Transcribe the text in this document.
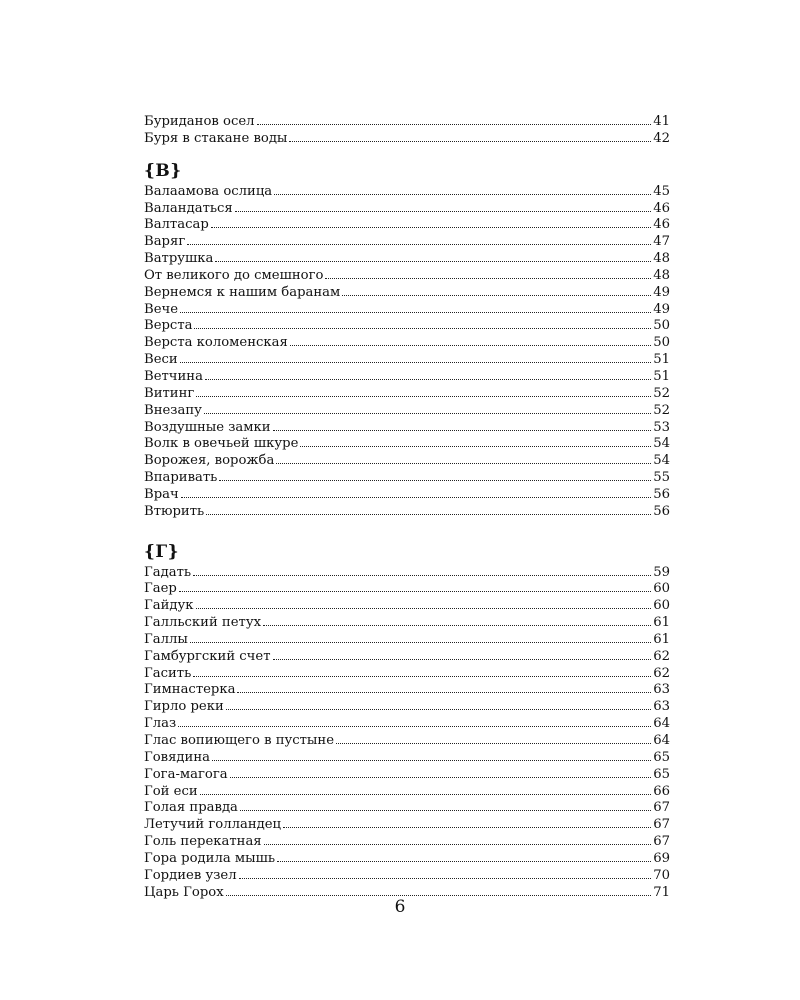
Буриданов осел	41
Буря в стакане воды	42
{В}
Валаамова ослица	45
Валандаться	46
Валтасар	46
Варяг	47
Ватрушка	48
От великого до смешного	48
Вернемся к нашим баранам	49
Вече	49
Верста	50
Верста коломенская	50
Веси	51
Ветчина	51
Витинг	52
Внезапу	52
Воздушные замки	53
Волк в овечьей шкуре	54
Ворожея, ворожба	54
Впаривать	55
Врач	56
Втюрить	56
{Г}
Гадать	59
Гаер	60
Гайдук	60
Галльский петух	61
Галлы	61
Гамбургский счет	62
Гасить	62
Гимнастерка	63
Гирло реки	63
Глаз	64
Глас вопиющего в пустыне	64
Говядина	65
Гога-магога	65
Гой еси	66
Голая правда	67
Летучий голландец	67
Голь перекатная	67
Гора родила мышь	69
Гордиев узел	70
Царь Горох	71
6
